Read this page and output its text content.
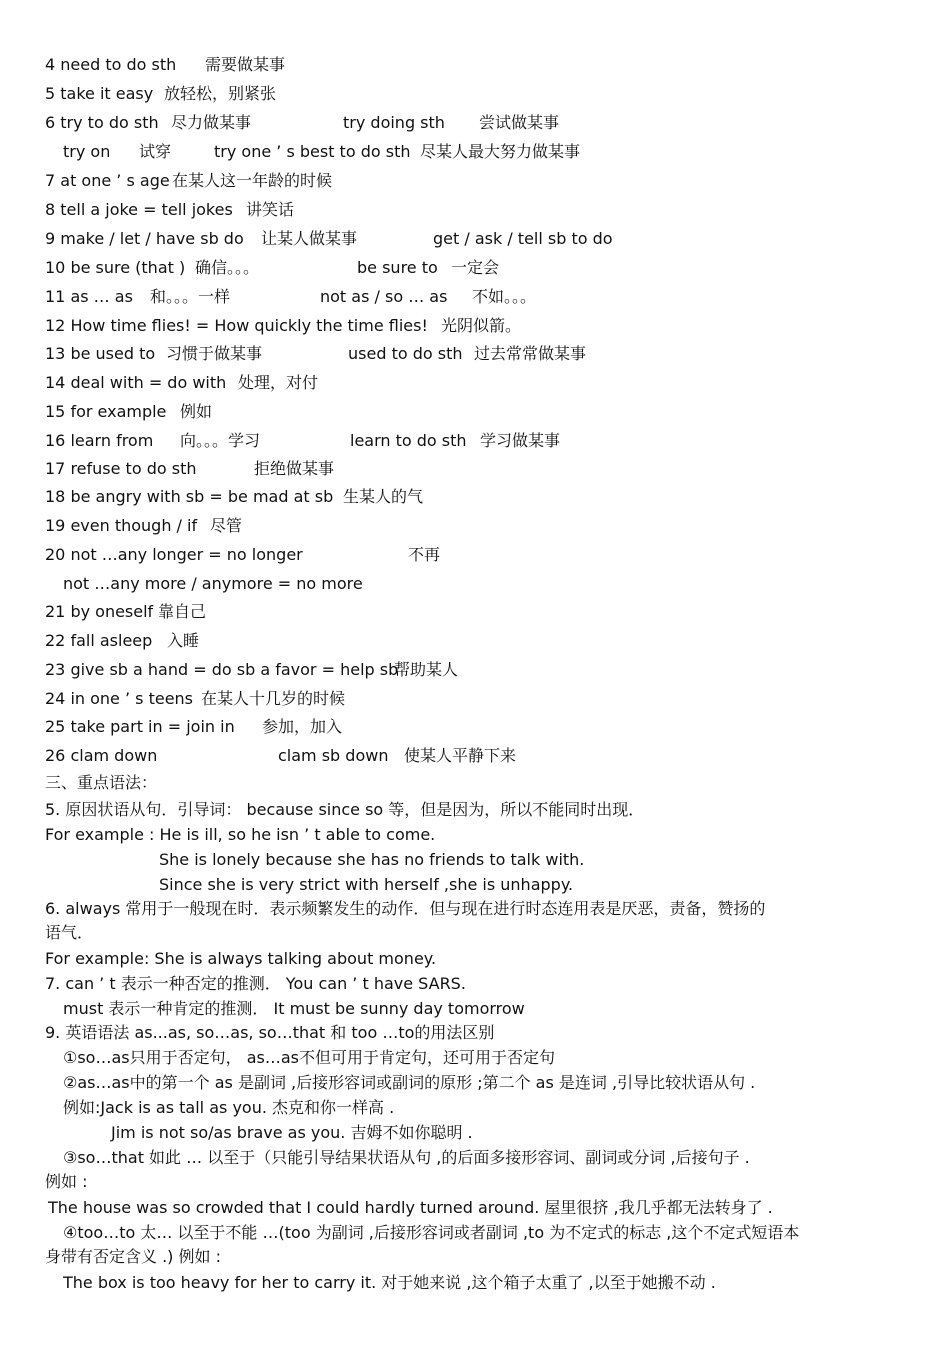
4 need to do sth 需要做某事
5 take it easy 放轻松，别紧张
6 try to do sth 尽力做某事	try doing sth 尝试做某事
try on 试穿	try one ’ s best to do sth 尽某人最大努力做某事
7 at one ’ s age 在某人这一年龄的时候
8 tell a joke = tell jokes 讲笑话
9 make / let / have sb do 让某人做某事	get / ask / tell sb to do
10 be sure (that ) 确信。。。	be sure to 一定会
11 as … as 和。。。一样	not as / so … as 不如。。。
12 How time flies! = How quickly the time flies! 光阴似箭。
13 be used to 习惯于做某事	used to do sth 过去常常做某事
14 deal with = do with 处理，对付
15 for example 例如
16 learn from 向。。。学习	learn to do sth 学习做某事
17 refuse to do sth	拒绝做某事
18 be angry with sb = be mad at sb 生某人的气
19 even though / if 尽管
20 not …any longer = no longer	不再
not …any more / anymore = no more
21 by oneself 靠自己
22 fall asleep 入睡
23 give sb a hand = do sb a favor = help sb
帮助某人
24 in one ’ s teens 在某人十几岁的时候
25 take part in = join in 参加，加入
26 clam down	clam sb down 使某人平静下来
三、重点语法：
5. 原因状语从句．引导词： because since so 等，但是因为，所以不能同时出现．
For example : He is ill, so he isn ’ t able to come.
She is lonely because she has no friends to talk with.
Since she is very strict with herself ,she is unhappy.
6. always 常用于一般现在时．表示频繁发生的动作．但与现在进行时态连用表是厌恶，责备，赞扬的
语气．
For example: She is always talking about money.
7. can ’ t 表示一种否定的推测． You can ’ t have SARS.
must 表示一种肯定的推测． It must be sunny day tomorrow
9. 英语语法 as...as, so…as, so…that 和 too …to的用法区别
①so…as只用于否定句， as…as不但可用于肯定句，还可用于否定句
②as…as中的第一个 as 是副词 ,后接形容词或副词的原形 ;第二个 as 是连词 ,引导比较状语从句 .
例如:Jack is as tall as you. 杰克和你一样高 .
Jim is not so/as brave as you. 吉姆不如你聪明 .
③so…that 如此 … 以至于（只能引导结果状语从句 ,的后面多接形容词、副词或分词 ,后接句子 .
例如 :
The house was so crowded that I could hardly turned around. 屋里很挤 ,我几乎都无法转身了 .
④too…to 太… 以至于不能 …(too 为副词 ,后接形容词或者副词 ,to 为不定式的标志 ,这个不定式短语本
身带有否定含义 .) 例如 :
The box is too heavy for her to carry it. 对于她来说 ,这个箱子太重了 ,以至于她搬不动 .
